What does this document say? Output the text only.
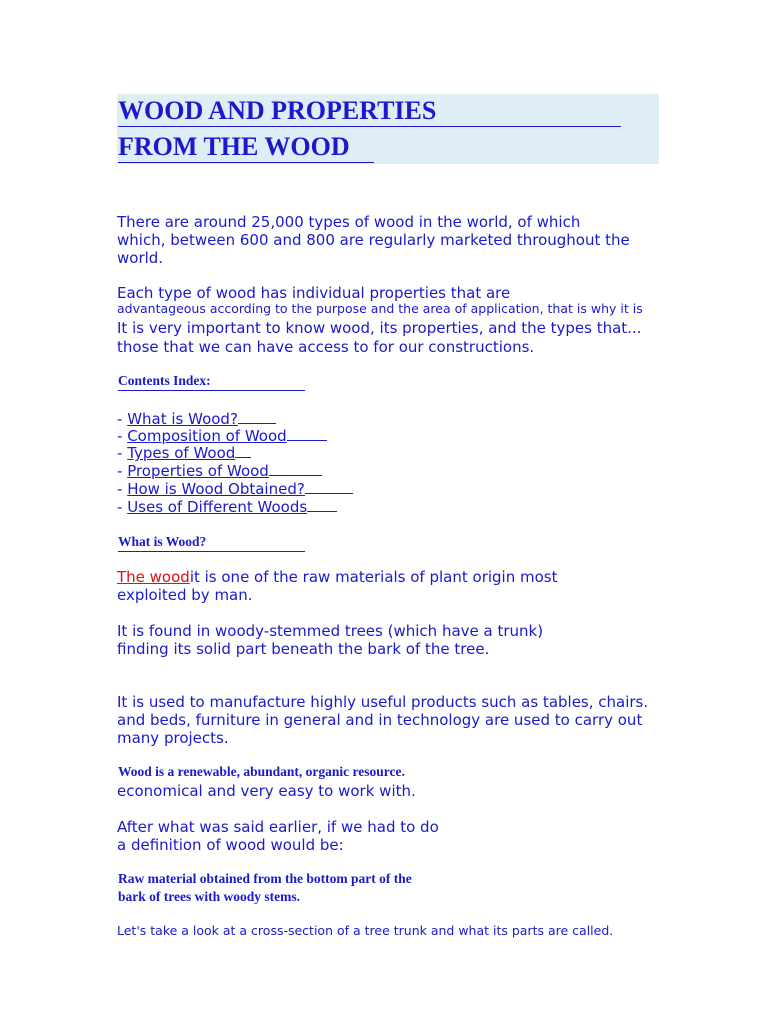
WOOD AND PROPERTIES
FROM THE WOOD
There are around 25,000 types of wood in the world, of which
which, between 600 and 800 are regularly marketed throughout the
world.
Each type of wood has individual properties that are
advantageous according to the purpose and the area of application, that is why it is
It is very important to know wood, its properties, and the types that...
those that we can have access to for our constructions.
Contents Index:
- What is Wood?
- Composition of Wood
- Types of Wood
- Properties of Wood
- How is Wood Obtained?
- Uses of Different Woods
What is Wood?
The woodit is one of the raw materials of plant origin most
exploited by man.
It is found in woody-stemmed trees (which have a trunk)
finding its solid part beneath the bark of the tree.
It is used to manufacture highly useful products such as tables, chairs.
and beds, furniture in general and in technology are used to carry out
many projects.
Wood is a renewable, abundant, organic resource.
economical and very easy to work with.
After what was said earlier, if we had to do
a definition of wood would be:
Raw material obtained from the bottom part of the
bark of trees with woody stems.
Let's take a look at a cross-section of a tree trunk and what its parts are called.
